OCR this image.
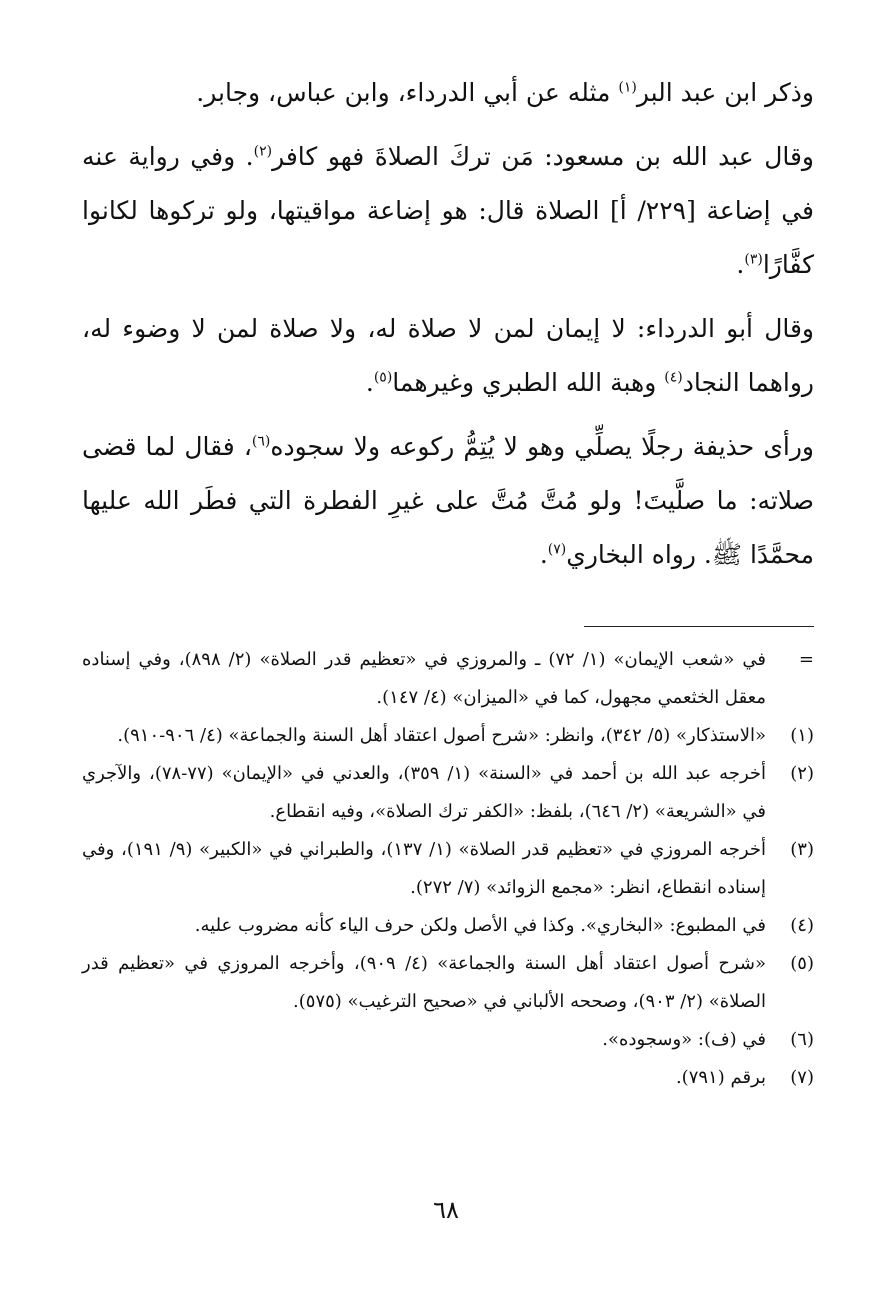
وذكر ابن عبد البر$^{(١)}$ مثله عن أبي الدرداء، وابن عباس، وجابر.

وقال عبد الله بن مسعود: مَن تركَ الصلاةَ فهو كافر$^{(٢)}$. وفي رواية عنه في إضاعة [٢٢٩/ أ] الصلاة قال: هو إضاعة مواقيتها، ولو تركوها لكانوا كفَّارًا$^{(٣)}$.

وقال أبو الدرداء: لا إيمان لمن لا صلاة له، ولا صلاة لمن لا وضوء له، رواهما النجاد$^{(٤)}$ وهبة الله الطبري وغيرهما$^{(٥)}$.

ورأى حذيفة رجلًا يصلِّي وهو لا يُتِمُّ ركوعه ولا سجوده$^{(٦)}$، فقال لما قضى صلاته: ما صلَّيتَ! ولو مُتَّ مُتَّ على غيرِ الفطرة التي فطَر الله عليها محمَّدًا ﷺ. رواه البخاري$^{(٧)}$.

=
في «شعب الإيمان» (١/ ٧٢) ـ والمروزي في «تعظيم قدر الصلاة» (٢/ ٨٩٨)، وفي إسناده معقل الخثعمي مجهول، كما في «الميزان» (٤/ ١٤٧).
(١)
«الاستذكار» (٥/ ٣٤٢)، وانظر: «شرح أصول اعتقاد أهل السنة والجماعة» (٤/ ٩٠٦-٩١٠).
(٢)
أخرجه عبد الله بن أحمد في «السنة» (١/ ٣٥٩)، والعدني في «الإيمان» (٧٧-٧٨)، والآجري في «الشريعة» (٢/ ٦٤٦)، بلفظ: «الكفر ترك الصلاة»، وفيه انقطاع.
(٣)
أخرجه المروزي في «تعظيم قدر الصلاة» (١/ ١٣٧)، والطبراني في «الكبير» (٩/ ١٩١)، وفي إسناده انقطاع، انظر: «مجمع الزوائد» (٧/ ٢٧٢).
(٤)
في المطبوع: «البخاري». وكذا في الأصل ولكن حرف الياء كأنه مضروب عليه.
(٥)
«شرح أصول اعتقاد أهل السنة والجماعة» (٤/ ٩٠٩)، وأخرجه المروزي في «تعظيم قدر الصلاة» (٢/ ٩٠٣)، وصححه الألباني في «صحيح الترغيب» (٥٧٥).
(٦)
في (ف): «وسجوده».
(٧)
برقم (٧٩١).
٦٨
